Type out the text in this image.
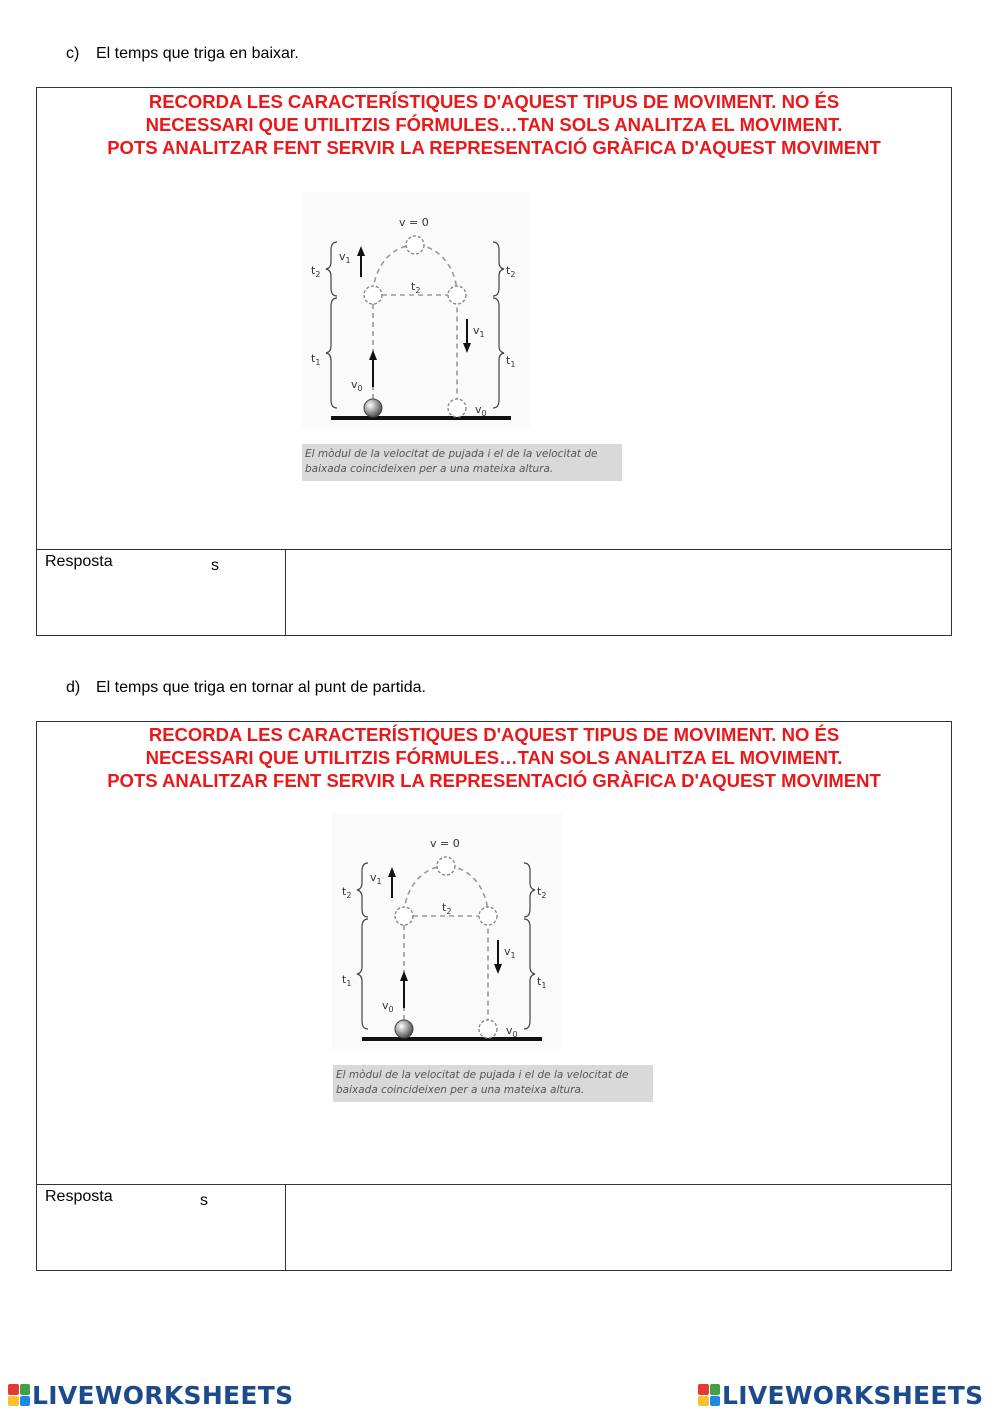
c) El temps que triga en baixar.
RECORDA LES CARACTERÍSTIQUES D'AQUEST TIPUS DE MOVIMENT. NO ÉS
NECESSARI QUE UTILITZIS FÓRMULES…TAN SOLS ANALITZA EL MOVIMENT.
POTS ANALITZAR FENT SERVIR LA REPRESENTACIÓ GRÀFICA D'AQUEST MOVIMENT
v = 0
$t_2$
$t_1$
$t_2$
$t_1$
$t_2$
$v_1$
$v_1$
$v_0$
$v_0$
El mòdul de la velocitat de pujada i el de la velocitat de
baixada coincideixen per a una mateixa altura.
Resposta	s
d) El temps que triga en tornar al punt de partida.
RECORDA LES CARACTERÍSTIQUES D'AQUEST TIPUS DE MOVIMENT. NO ÉS
NECESSARI QUE UTILITZIS FÓRMULES…TAN SOLS ANALITZA EL MOVIMENT.
POTS ANALITZAR FENT SERVIR LA REPRESENTACIÓ GRÀFICA D'AQUEST MOVIMENT
v = 0
$t_2$
$t_1$
$t_2$
$t_1$
$t_2$
$v_1$
$v_1$
$v_0$
$v_0$
El mòdul de la velocitat de pujada i el de la velocitat de
baixada coincideixen per a una mateixa altura.
Resposta	s
LIVEWORKSHEETS	LIVEWORKSHEETS
